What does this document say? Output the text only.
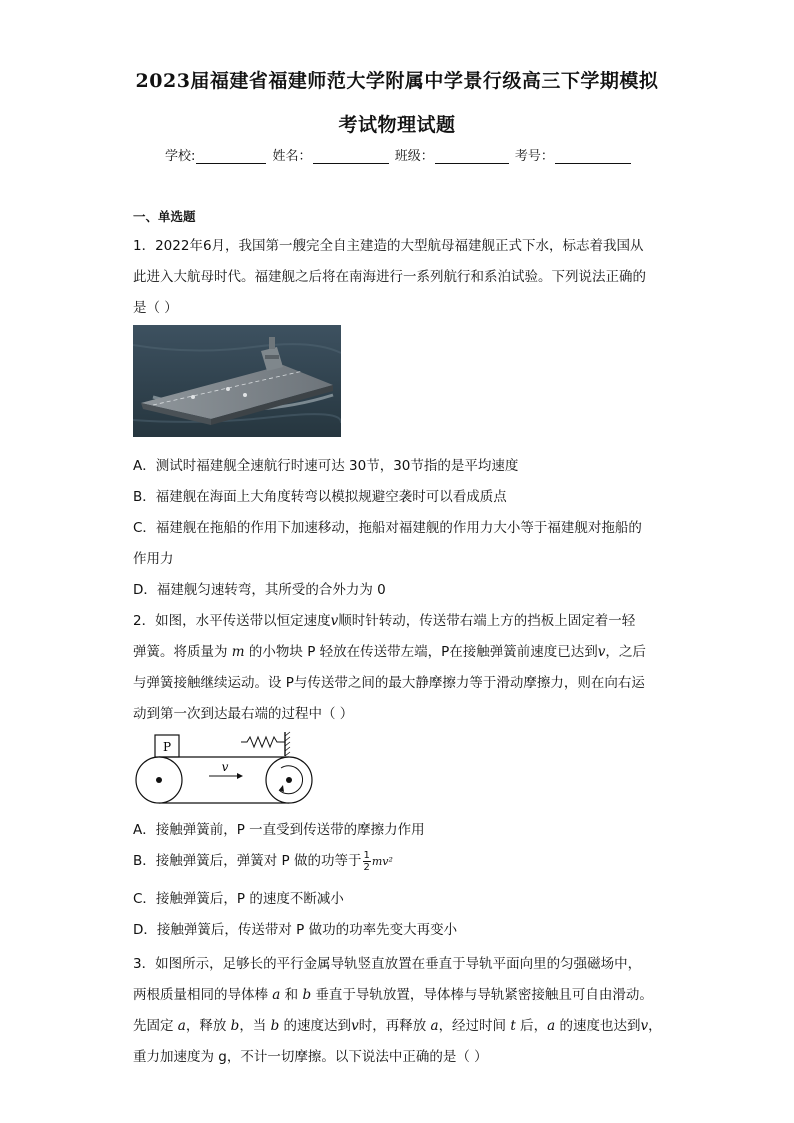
2023届福建省福建师范大学附属中学景行级高三下学期模拟
考试物理试题
学校:	姓名：	班级：	考号：
一、单选题
1．2022年6月，我国第一艘完全自主建造的大型航母福建舰正式下水，标志着我国从
此进入大航母时代。福建舰之后将在南海进行一系列航行和系泊试验。下列说法正确的
是（ ）
A．测试时福建舰全速航行时速可达 30节，30节指的是平均速度
B．福建舰在海面上大角度转弯以模拟规避空袭时可以看成质点
C．福建舰在拖船的作用下加速移动，拖船对福建舰的作用力大小等于福建舰对拖船的
作用力
D．福建舰匀速转弯，其所受的合外力为 0
2．如图，水平传送带以恒定速度v顺时针转动，传送带右端上方的挡板上固定着一轻
弹簧。将质量为 m 的小物块 P 轻放在传送带左端，P在接触弹簧前速度已达到v，之后
与弹簧接触继续运动。设 P与传送带之间的最大静摩擦力等于滑动摩擦力，则在向右运
动到第一次到达最右端的过程中（ ）
P
v
A．接触弹簧前，P 一直受到传送带的摩擦力作用
B．接触弹簧后，弹簧对 P 做的功等于 $\frac{1}{2} mv^2$
C．接触弹簧后，P 的速度不断减小
D．接触弹簧后，传送带对 P 做功的功率先变大再变小
3．如图所示，足够长的平行金属导轨竖直放置在垂直于导轨平面向里的匀强磁场中，
两根质量相同的导体棒 a 和 b 垂直于导轨放置，导体棒与导轨紧密接触且可自由滑动。
先固定 a，释放 b，当 b 的速度达到v时，再释放 a，经过时间 t 后，a 的速度也达到v，
重力加速度为 g，不计一切摩擦。以下说法中正确的是（ ）
